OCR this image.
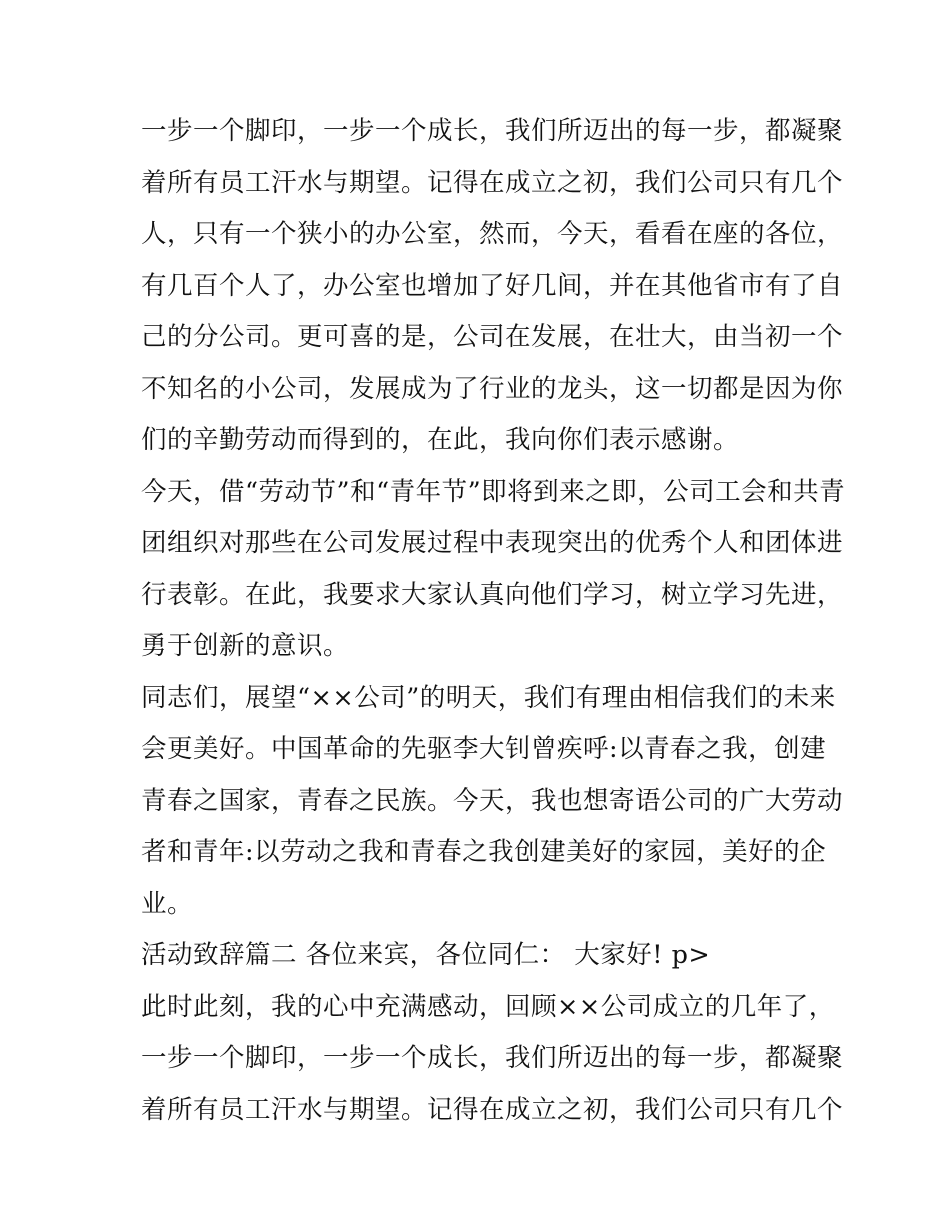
一步一个脚印，一步一个成长，我们所迈出的每一步，都凝聚
着所有员工汗水与期望。记得在成立之初，我们公司只有几个
人，只有一个狭小的办公室，然而，今天，看看在座的各位，
有几百个人了，办公室也增加了好几间，并在其他省市有了自
己的分公司。更可喜的是，公司在发展，在壮大，由当初一个
不知名的小公司，发展成为了行业的龙头，这一切都是因为你
们的辛勤劳动而得到的，在此，我向你们表示感谢。
今天，借“劳动节”和“青年节”即将到来之即，公司工会和共青
团组织对那些在公司发展过程中表现突出的优秀个人和团体进
行表彰。在此，我要求大家认真向他们学习，树立学习先进，
勇于创新的意识。
同志们，展望“××公司”的明天，我们有理由相信我们的未来
会更美好。中国革命的先驱李大钊曾疾呼:以青春之我，创建
青春之国家，青春之民族。今天，我也想寄语公司的广大劳动
者和青年:以劳动之我和青春之我创建美好的家园，美好的企
业。
活动致辞篇二 各位来宾，各位同仁： 大家好! p>
此时此刻，我的心中充满感动，回顾××公司成立的几年了，
一步一个脚印，一步一个成长，我们所迈出的每一步，都凝聚
着所有员工汗水与期望。记得在成立之初，我们公司只有几个
